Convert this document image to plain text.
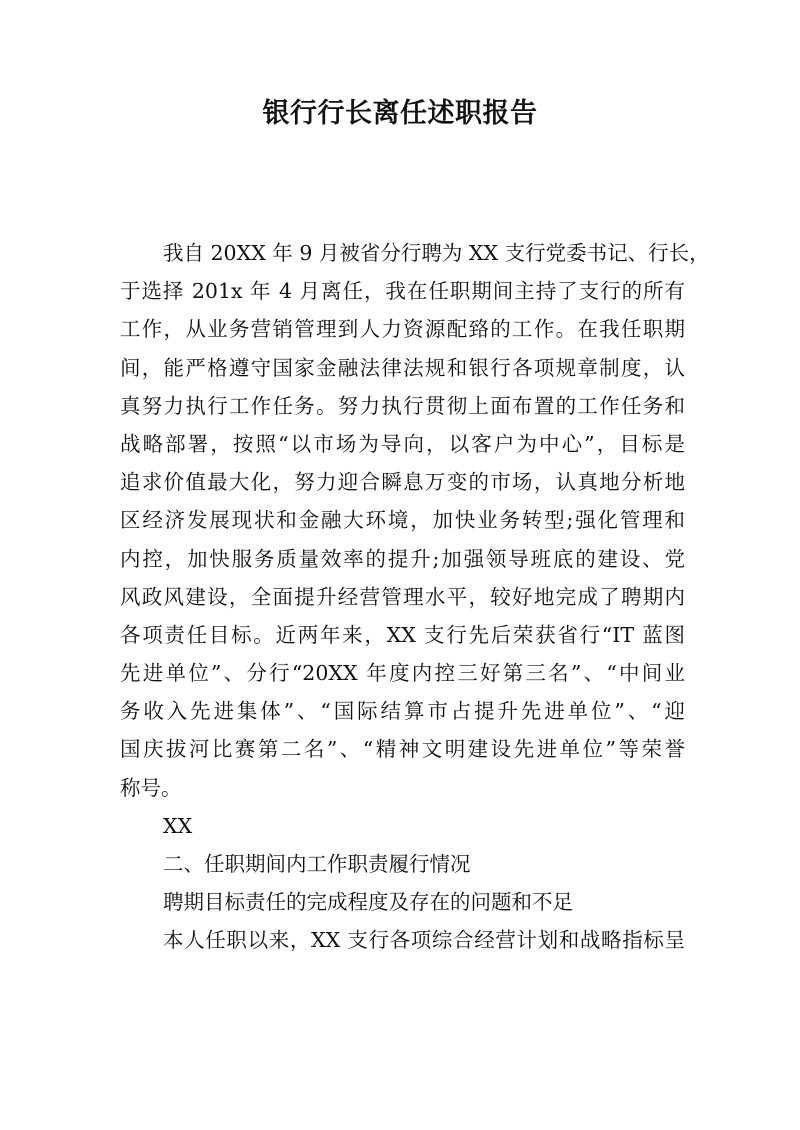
银行行长离任述职报告
我自 20XX 年 9 月被省分行聘为 XX 支行党委书记、行长，
于选择 201x 年 4 月离任，我在任职期间主持了支行的所有
工作，从业务营销管理到人力资源配臵的工作。在我任职期
间，能严格遵守国家金融法律法规和银行各项规章制度，认
真努力执行工作任务。努力执行贯彻上面布置的工作任务和
战略部署，按照“以市场为导向，以客户为中心”，目标是
追求价值最大化，努力迎合瞬息万变的市场，认真地分析地
区经济发展现状和金融大环境，加快业务转型;强化管理和
内控，加快服务质量效率的提升;加强领导班底的建设、党
风政风建设，全面提升经营管理水平，较好地完成了聘期内
各项责任目标。近两年来，XX 支行先后荣获省行“IT 蓝图
先进单位”、分行“20XX 年度内控三好第三名”、“中间业
务收入先进集体”、“国际结算市占提升先进单位”、“迎
国庆拔河比赛第二名”、“精神文明建设先进单位”等荣誉
称号。
XX
二、任职期间内工作职责履行情况
聘期目标责任的完成程度及存在的问题和不足
本人任职以来，XX 支行各项综合经营计划和战略指标呈
